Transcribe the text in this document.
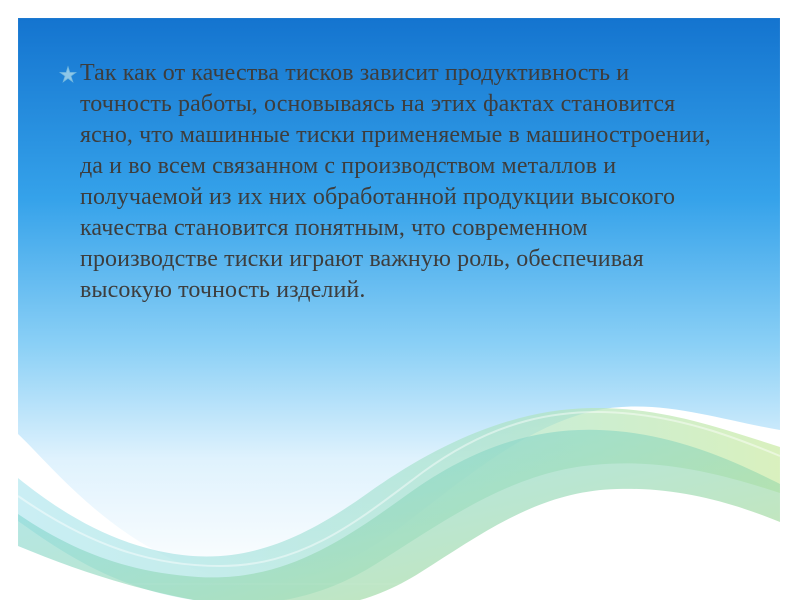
Так как от качества тисков зависит продуктивность и точность работы, основываясь на этих фактах становится ясно, что машинные тиски применяемые в машиностроении, да и во всем связанном с производством металлов и получаемой из их них обработанной продукции высокого качества становится понятным, что современном производстве тиски играют важную роль, обеспечивая высокую точность изделий.
